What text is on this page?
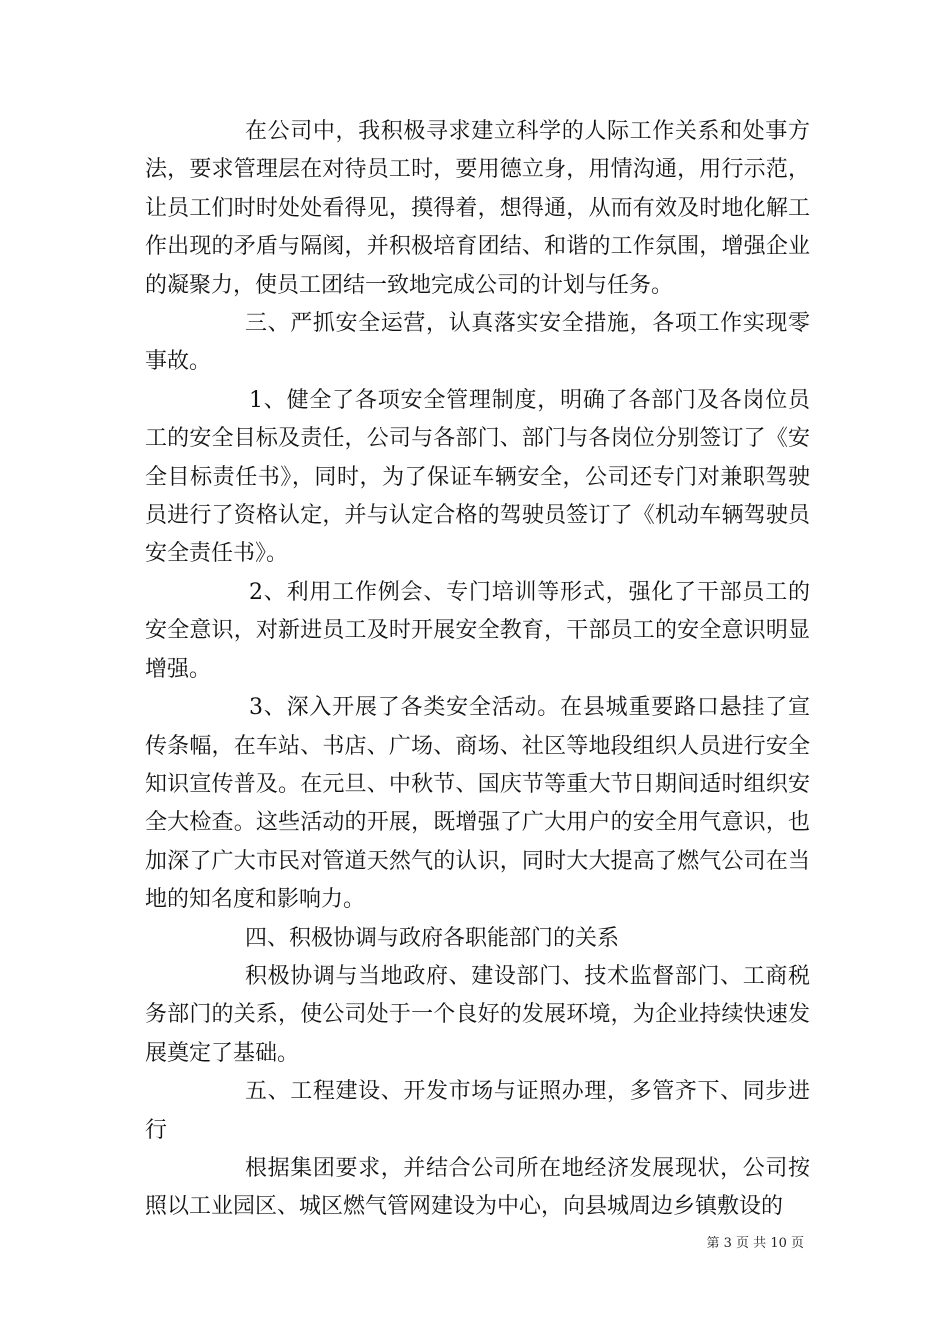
在公司中，我积极寻求建立科学的人际工作关系和处事方法，要求管理层在对待员工时，要用德立身，用情沟通，用行示范，让员工们时时处处看得见，摸得着，想得通，从而有效及时地化解工作出现的矛盾与隔阂，并积极培育团结、和谐的工作氛围，增强企业的凝聚力，使员工团结一致地完成公司的计划与任务。

三、严抓安全运营，认真落实安全措施，各项工作实现零事故。

1、健全了各项安全管理制度，明确了各部门及各岗位员工的安全目标及责任，公司与各部门、部门与各岗位分别签订了《安全目标责任书》，同时，为了保证车辆安全，公司还专门对兼职驾驶员进行了资格认定，并与认定合格的驾驶员签订了《机动车辆驾驶员安全责任书》。

2、利用工作例会、专门培训等形式，强化了干部员工的安全意识，对新进员工及时开展安全教育，干部员工的安全意识明显增强。

3、深入开展了各类安全活动。在县城重要路口悬挂了宣传条幅，在车站、书店、广场、商场、社区等地段组织人员进行安全知识宣传普及。在元旦、中秋节、国庆节等重大节日期间适时组织安全大检查。这些活动的开展，既增强了广大用户的安全用气意识，也加深了广大市民对管道天然气的认识，同时大大提高了燃气公司在当地的知名度和影响力。

四、积极协调与政府各职能部门的关系

积极协调与当地政府、建设部门、技术监督部门、工商税务部门的关系，使公司处于一个良好的发展环境，为企业持续快速发展奠定了基础。

五、工程建设、开发市场与证照办理，多管齐下、同步进行

根据集团要求，并结合公司所在地经济发展现状，公司按照以工业园区、城区燃气管网建设为中心，向县城周边乡镇敷设的

第 3 页 共 10 页
